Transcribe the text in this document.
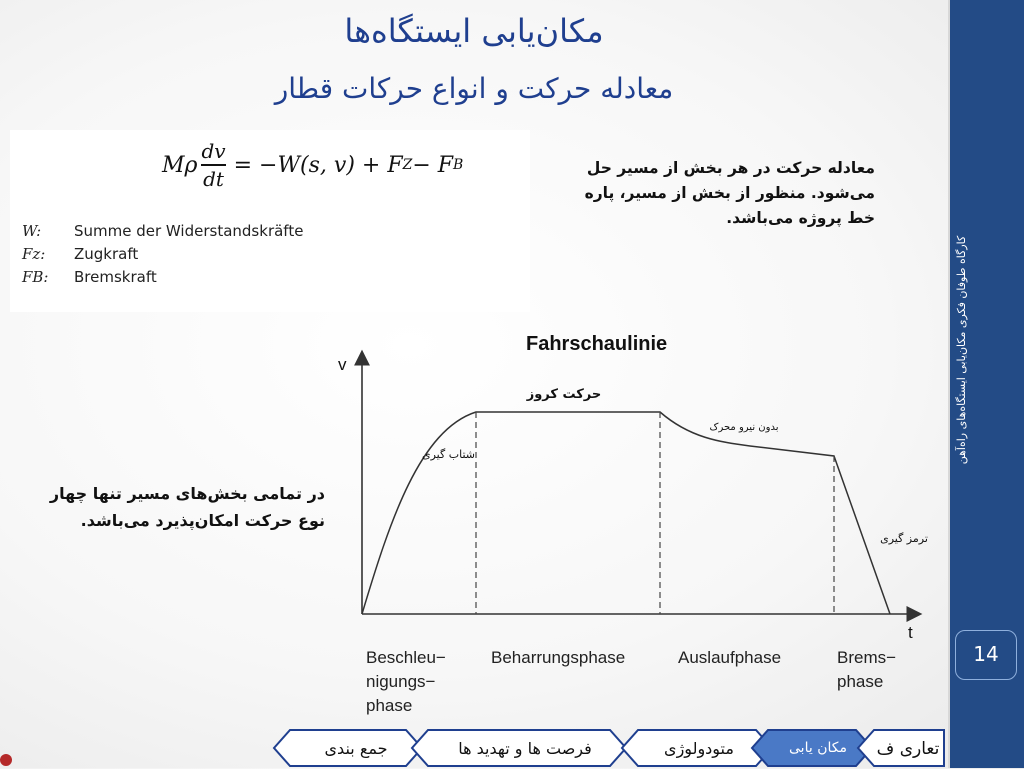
کارگاه طوفان فکری مکان‌یابی ایستگاه‌های راه‌آهن
14
مکان‌یابی ایستگاه‌ها
معادله حرکت و انواع حرکات قطار
M ρ $\frac{dv}{dt} = -W(s$, v) + F Z − F B
W:	Summe der Widerstandskräfte
Fz:	Zugkraft
FB:	Bremskraft
معادله حرکت در هر بخش از مسیر حل می‌شود. منظور از بخش از مسیر، پاره خط پروژه می‌باشد.
در تمامی بخش‌های مسیر تنها چهار نوع حرکت امکان‌پذیرد می‌باشد.
Fahrschaulinie
v
t
شتاب گیری
حرکت کروز
بدون نیرو محرک
ترمز گیری
Beschleu−
nigungs−
phase
Beharrungsphase	Auslaufphase	Brems−
phase
جمع بندی	فرصت ها و تهدید ها	متودولوژی	مکان یابی	تعاری ف
